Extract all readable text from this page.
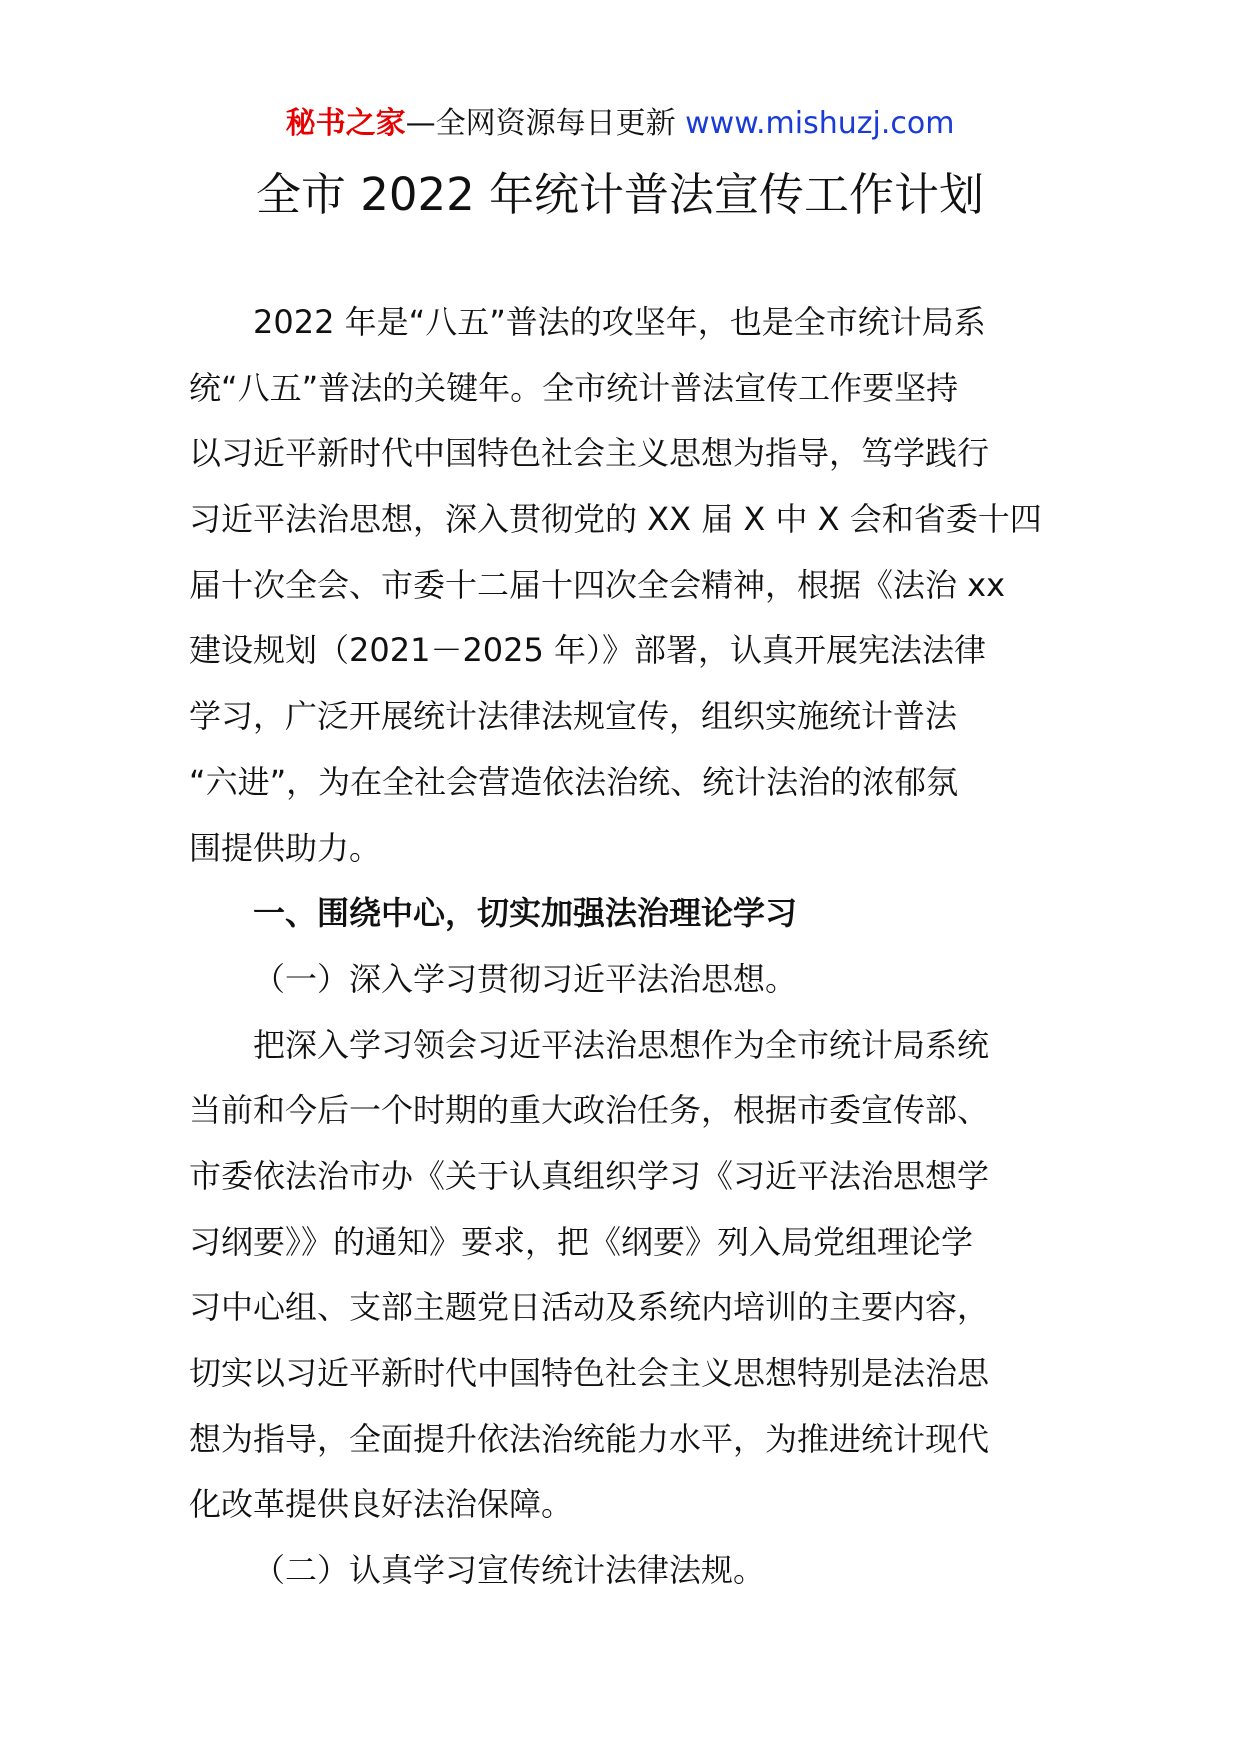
秘书之家—全网资源每日更新 www.mishuzj.com
全市 2022 年统计普法宣传工作计划
2022 年是“八五”普法的攻坚年，也是全市统计局系
统“八五”普法的关键年。全市统计普法宣传工作要坚持
以习近平新时代中国特色社会主义思想为指导，笃学践行
习近平法治思想，深入贯彻党的 XX 届 X 中 X 会和省委十四
届十次全会、市委十二届十四次全会精神，根据《法治 xx
建设规划（2021－2025 年）》部署，认真开展宪法法律
学习，广泛开展统计法律法规宣传，组织实施统计普法
“六进”，为在全社会营造依法治统、统计法治的浓郁氛
围提供助力。
一、围绕中心，切实加强法治理论学习
（一）深入学习贯彻习近平法治思想。
把深入学习领会习近平法治思想作为全市统计局系统
当前和今后一个时期的重大政治任务，根据市委宣传部、
市委依法治市办《关于认真组织学习《习近平法治思想学
习纲要》》的通知》要求，把《纲要》列入局党组理论学
习中心组、支部主题党日活动及系统内培训的主要内容，
切实以习近平新时代中国特色社会主义思想特别是法治思
想为指导，全面提升依法治统能力水平，为推进统计现代
化改革提供良好法治保障。
（二）认真学习宣传统计法律法规。
